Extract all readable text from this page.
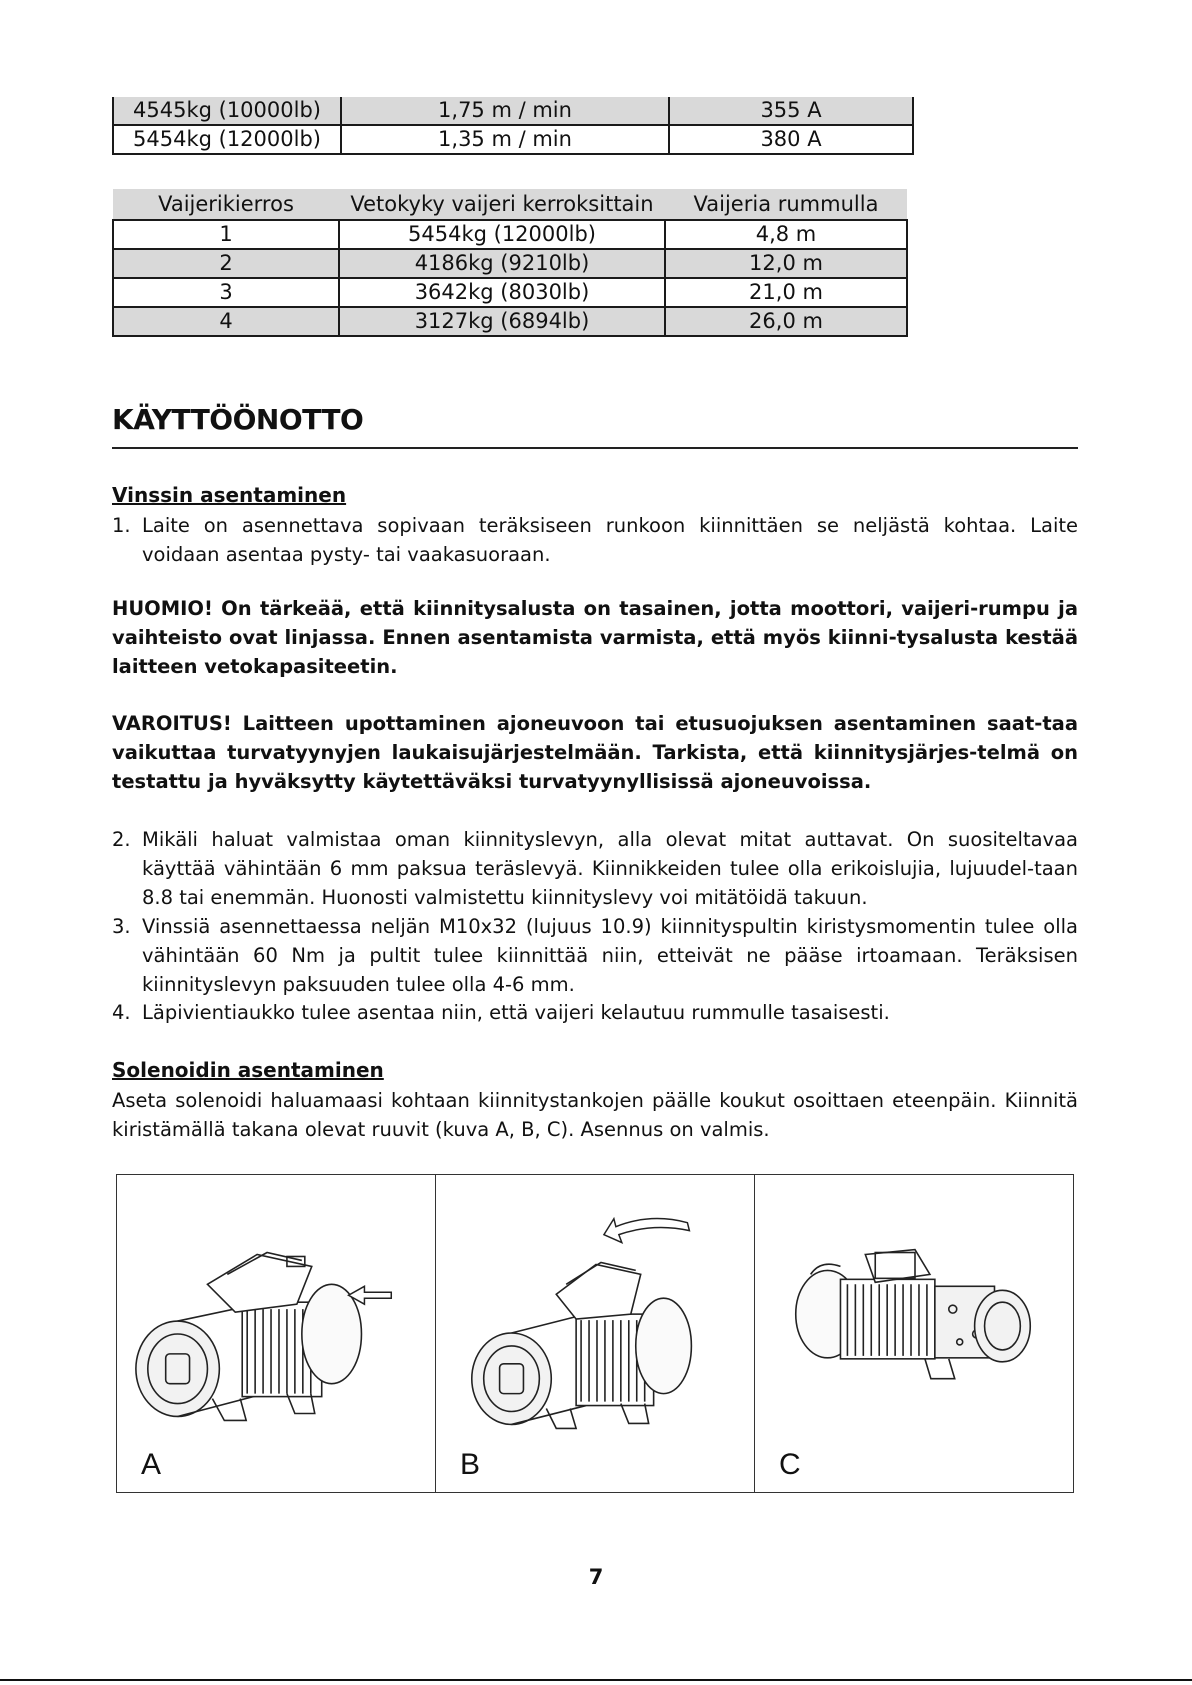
4545kg (10000lb)	1,75 m / min	355 A
5454kg (12000lb)	1,35 m / min	380 A
Vaijerikierros	Vetokyky vaijeri kerroksittain	Vaijeria rummulla
1	5454kg (12000lb)	4,8 m
2	4186kg (9210lb)	12,0 m
3	3642kg (8030lb)	21,0 m
4	3127kg (6894lb)	26,0 m
KÄYTTÖÖNOTTO
Vinssin asentaminen

1. Laite on asennettava sopivaan teräksiseen runkoon kiinnittäen se neljästä kohtaa. Laite voidaan asentaa pysty- tai vaakasuoraan.

HUOMIO! On tärkeää, että kiinnitysalusta on tasainen, jotta moottori, vaijeri-rumpu ja vaihteisto ovat linjassa. Ennen asentamista varmista, että myös kiinni-tysalusta kestää laitteen vetokapasiteetin.

VAROITUS! Laitteen upottaminen ajoneuvoon tai etusuojuksen asentaminen saat-taa vaikuttaa turvatyynyjen laukaisujärjestelmään. Tarkista, että kiinnitysjärjes-telmä on testattu ja hyväksytty käytettäväksi turvatyynyllisissä ajoneuvoissa.

2. Mikäli haluat valmistaa oman kiinnityslevyn, alla olevat mitat auttavat. On suositeltavaa käyttää vähintään 6 mm paksua teräslevyä. Kiinnikkeiden tulee olla erikoislujia, lujuudel-taan 8.8 tai enemmän. Huonosti valmistettu kiinnityslevy voi mitätöidä takuun.

3. Vinssiä asennettaessa neljän M10x32 (lujuus 10.9) kiinnityspultin kiristysmomentin tulee olla vähintään 60 Nm ja pultit tulee kiinnittää niin, etteivät ne pääse irtoamaan. Teräksisen kiinnityslevyn paksuuden tulee olla 4-6 mm.

4. Läpivientiaukko tulee asentaa niin, että vaijeri kelautuu rummulle tasaisesti.

Solenoidin asentaminen

Aseta solenoidi haluamaasi kohtaan kiinnitystankojen päälle koukut osoittaen eteenpäin. Kiinnitä kiristämällä takana olevat ruuvit (kuva A, B, C). Asennus on valmis.

A	B	C
7
